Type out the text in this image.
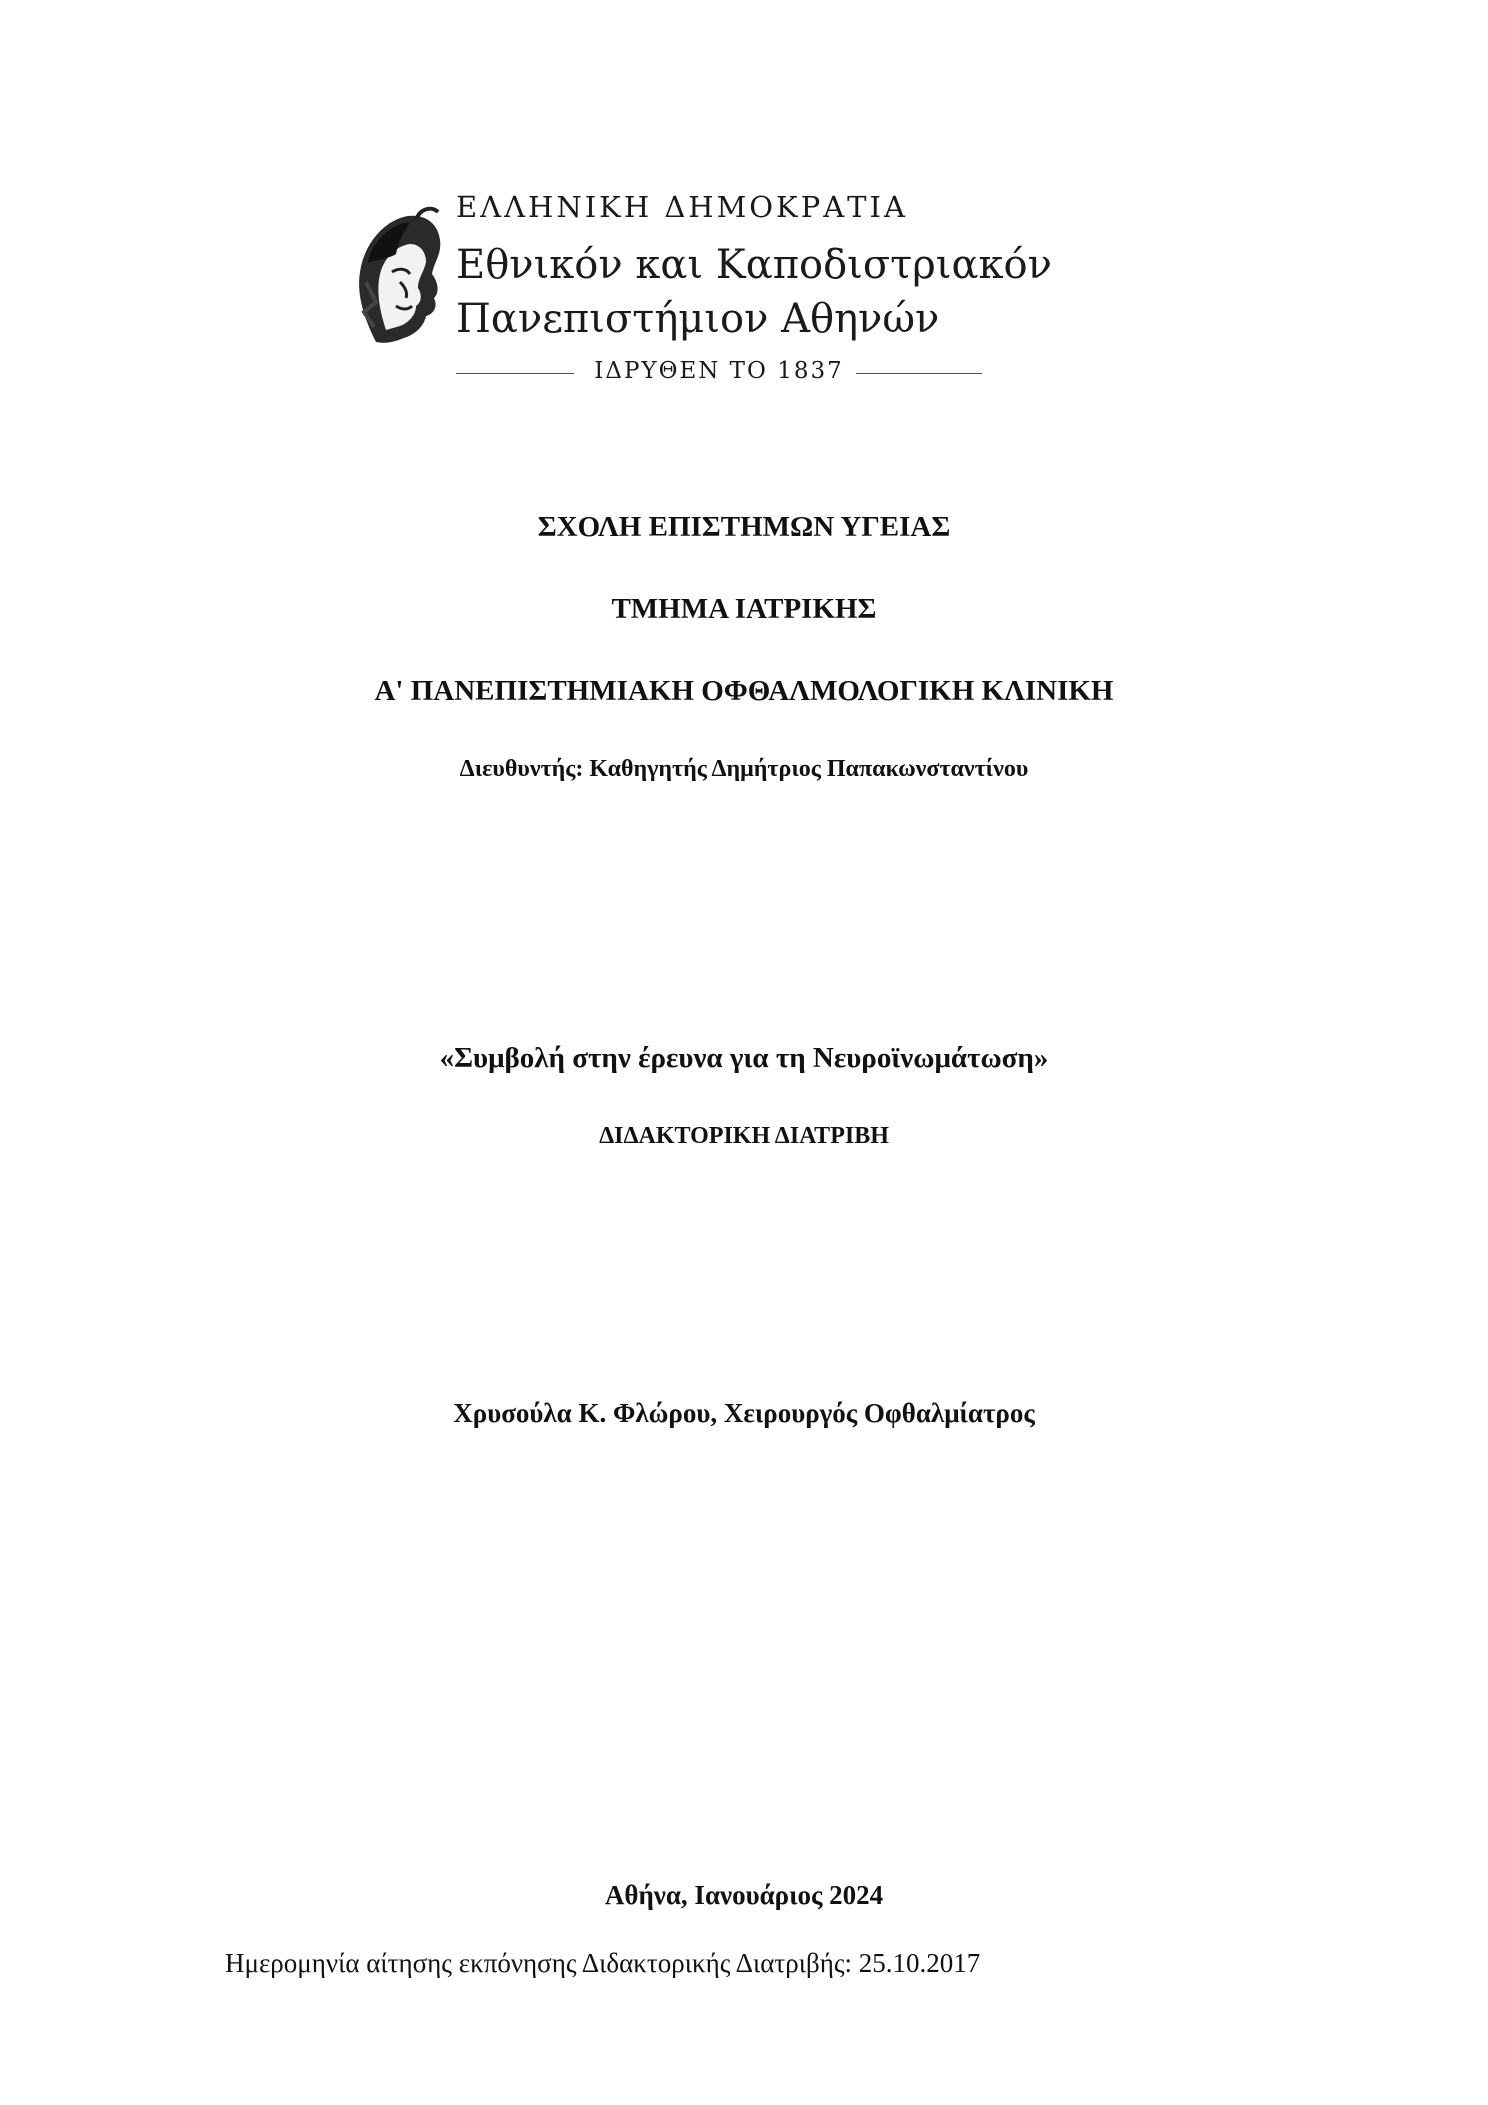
ΕΛΛΗΝΙΚΗ ΔΗΜΟΚΡΑΤΙΑ
Εθνικόν και Καποδιστριακόν
Πανεπιστήμιον Αθηνών
ΙΔΡΥΘΕΝ ΤΟ 1837
ΣΧΟΛΗ ΕΠΙΣΤΗΜΩΝ ΥΓΕΙΑΣ
ΤΜΗΜΑ ΙΑΤΡΙΚΗΣ
Α' ΠΑΝΕΠΙΣΤΗΜΙΑΚΗ ΟΦΘΑΛΜΟΛΟΓΙΚΗ ΚΛΙΝΙΚΗ
Διευθυντής: Καθηγητής Δημήτριος Παπακωνσταντίνου
«Συμβολή στην έρευνα για τη Νευροϊνωμάτωση»
ΔΙΔΑΚΤΟΡΙΚΗ ΔΙΑΤΡΙΒΗ
Χρυσούλα Κ. Φλώρου, Χειρουργός Οφθαλμίατρος
Αθήνα, Ιανουάριος 2024
Ημερομηνία αίτησης εκπόνησης Διδακτορικής Διατριβής: 25.10.2017
